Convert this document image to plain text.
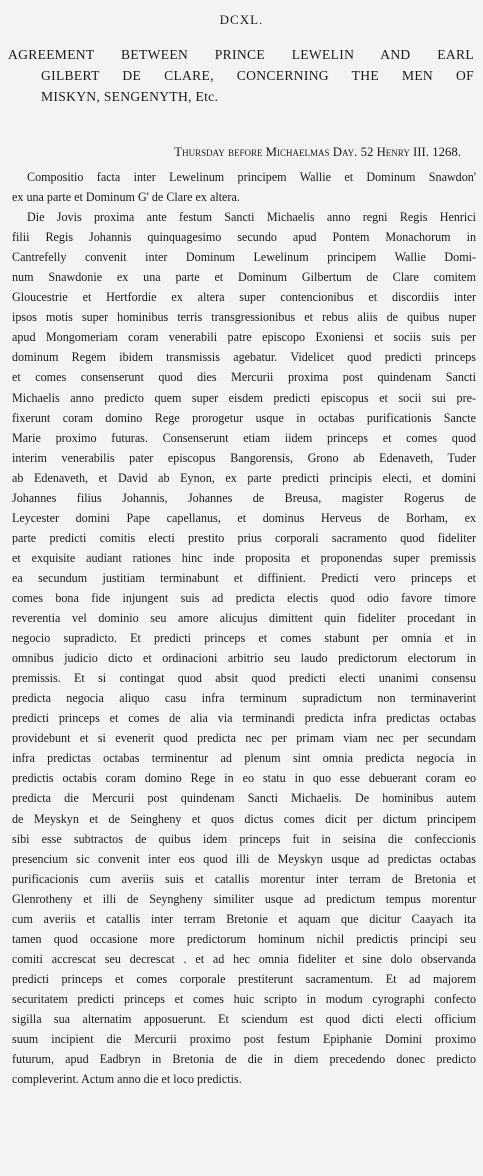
DCXL.
AGREEMENT BETWEEN PRINCE LEWELIN AND EARL
GILBERT DE CLARE, CONCERNING THE MEN OF
MISKYN, SENGENYTH, Etc.
Thursday before Michaelmas Day. 52 Henry III. 1268.
Compositio facta inter Lewelinum principem Wallie et Dominum Snawdon'
ex una parte et Dominum G' de Clare ex altera.
Die Jovis proxima ante festum Sancti Michaelis anno regni Regis Henrici
filii Regis Johannis quinquagesimo secundo apud Pontem Monachorum in
Cantrefelly convenit inter Dominum Lewelinum principem Wallie Domi-
num Snawdonie ex una parte et Dominum Gilbertum de Clare comitem
Gloucestrie et Hertfordie ex altera super contencionibus et discordiis inter
ipsos motis super hominibus terris transgressionibus et rebus aliis de quibus nuper
apud Mongomeriam coram venerabili patre episcopo Exoniensi et sociis suis per
dominum Regem ibidem transmissis agebatur. Videlicet quod predicti princeps
et comes consenserunt quod dies Mercurii proxima post quindenam Sancti
Michaelis anno predicto quem super eisdem predicti episcopus et socii sui pre-
fixerunt coram domino Rege prorogetur usque in octabas purificationis Sancte
Marie proximo futuras. Consenserunt etiam iidem princeps et comes quod
interim venerabilis pater episcopus Bangorensis, Grono ab Edenaveth, Tuder
ab Edenaveth, et David ab Eynon, ex parte predicti principis electi, et domini
Johannes filius Johannis, Johannes de Breusa, magister Rogerus de
Leycester domini Pape capellanus, et dominus Herveus de Borham, ex
parte predicti comitis electi prestito prius corporali sacramento quod fideliter
et exquisite audiant rationes hinc inde proposita et proponendas super premissis
ea secundum justitiam terminabunt et diffinient. Predicti vero princeps et
comes bona fide injungent suis ad predicta electis quod odio favore timore
reverentia vel dominio seu amore alicujus dimittent quin fideliter procedant in
negocio supradicto. Et predicti princeps et comes stabunt per omnia et in
omnibus judicio dicto et ordinacioni arbitrio seu laudo predictorum electorum in
premissis. Et si contingat quod absit quod predicti electi unanimi consensu
predicta negocia aliquo casu infra terminum supradictum non terminaverint
predicti princeps et comes de alia via terminandi predicta infra predictas octabas
providebunt et si evenerit quod predicta nec per primam viam nec per secundam
infra predictas octabas terminentur ad plenum sint omnia predicta negocia in
predictis octabis coram domino Rege in eo statu in quo esse debuerant coram eo
predicta die Mercurii post quindenam Sancti Michaelis. De hominibus autem
de Meyskyn et de Seingheny et quos dictus comes dicit per dictum principem
sibi esse subtractos de quibus idem princeps fuit in seisina die confeccionis
presencium sic convenit inter eos quod illi de Meyskyn usque ad predictas octabas
purificacionis cum averiis suis et catallis morentur inter terram de Bretonia et
Glenrotheny et illi de Seyngheny similiter usque ad predictum tempus morentur
cum averiis et catallis inter terram Bretonie et aquam que dicitur Caayach ita
tamen quod occasione more predictorum hominum nichil predictis principi seu
comiti accrescat seu decrescat . et ad hec omnia fideliter et sine dolo observanda
predicti princeps et comes corporale prestiterunt sacramentum. Et ad majorem
securitatem predicti princeps et comes huic scripto in modum cyrographi confecto
sigilla sua alternatim apposuerunt. Et sciendum est quod dicti electi officium
suum incipient die Mercurii proximo post festum Epiphanie Domini proximo
futurum, apud Eadbryn in Bretonia de die in diem precedendo donec predicto
compleverint. Actum anno die et loco predictis.
